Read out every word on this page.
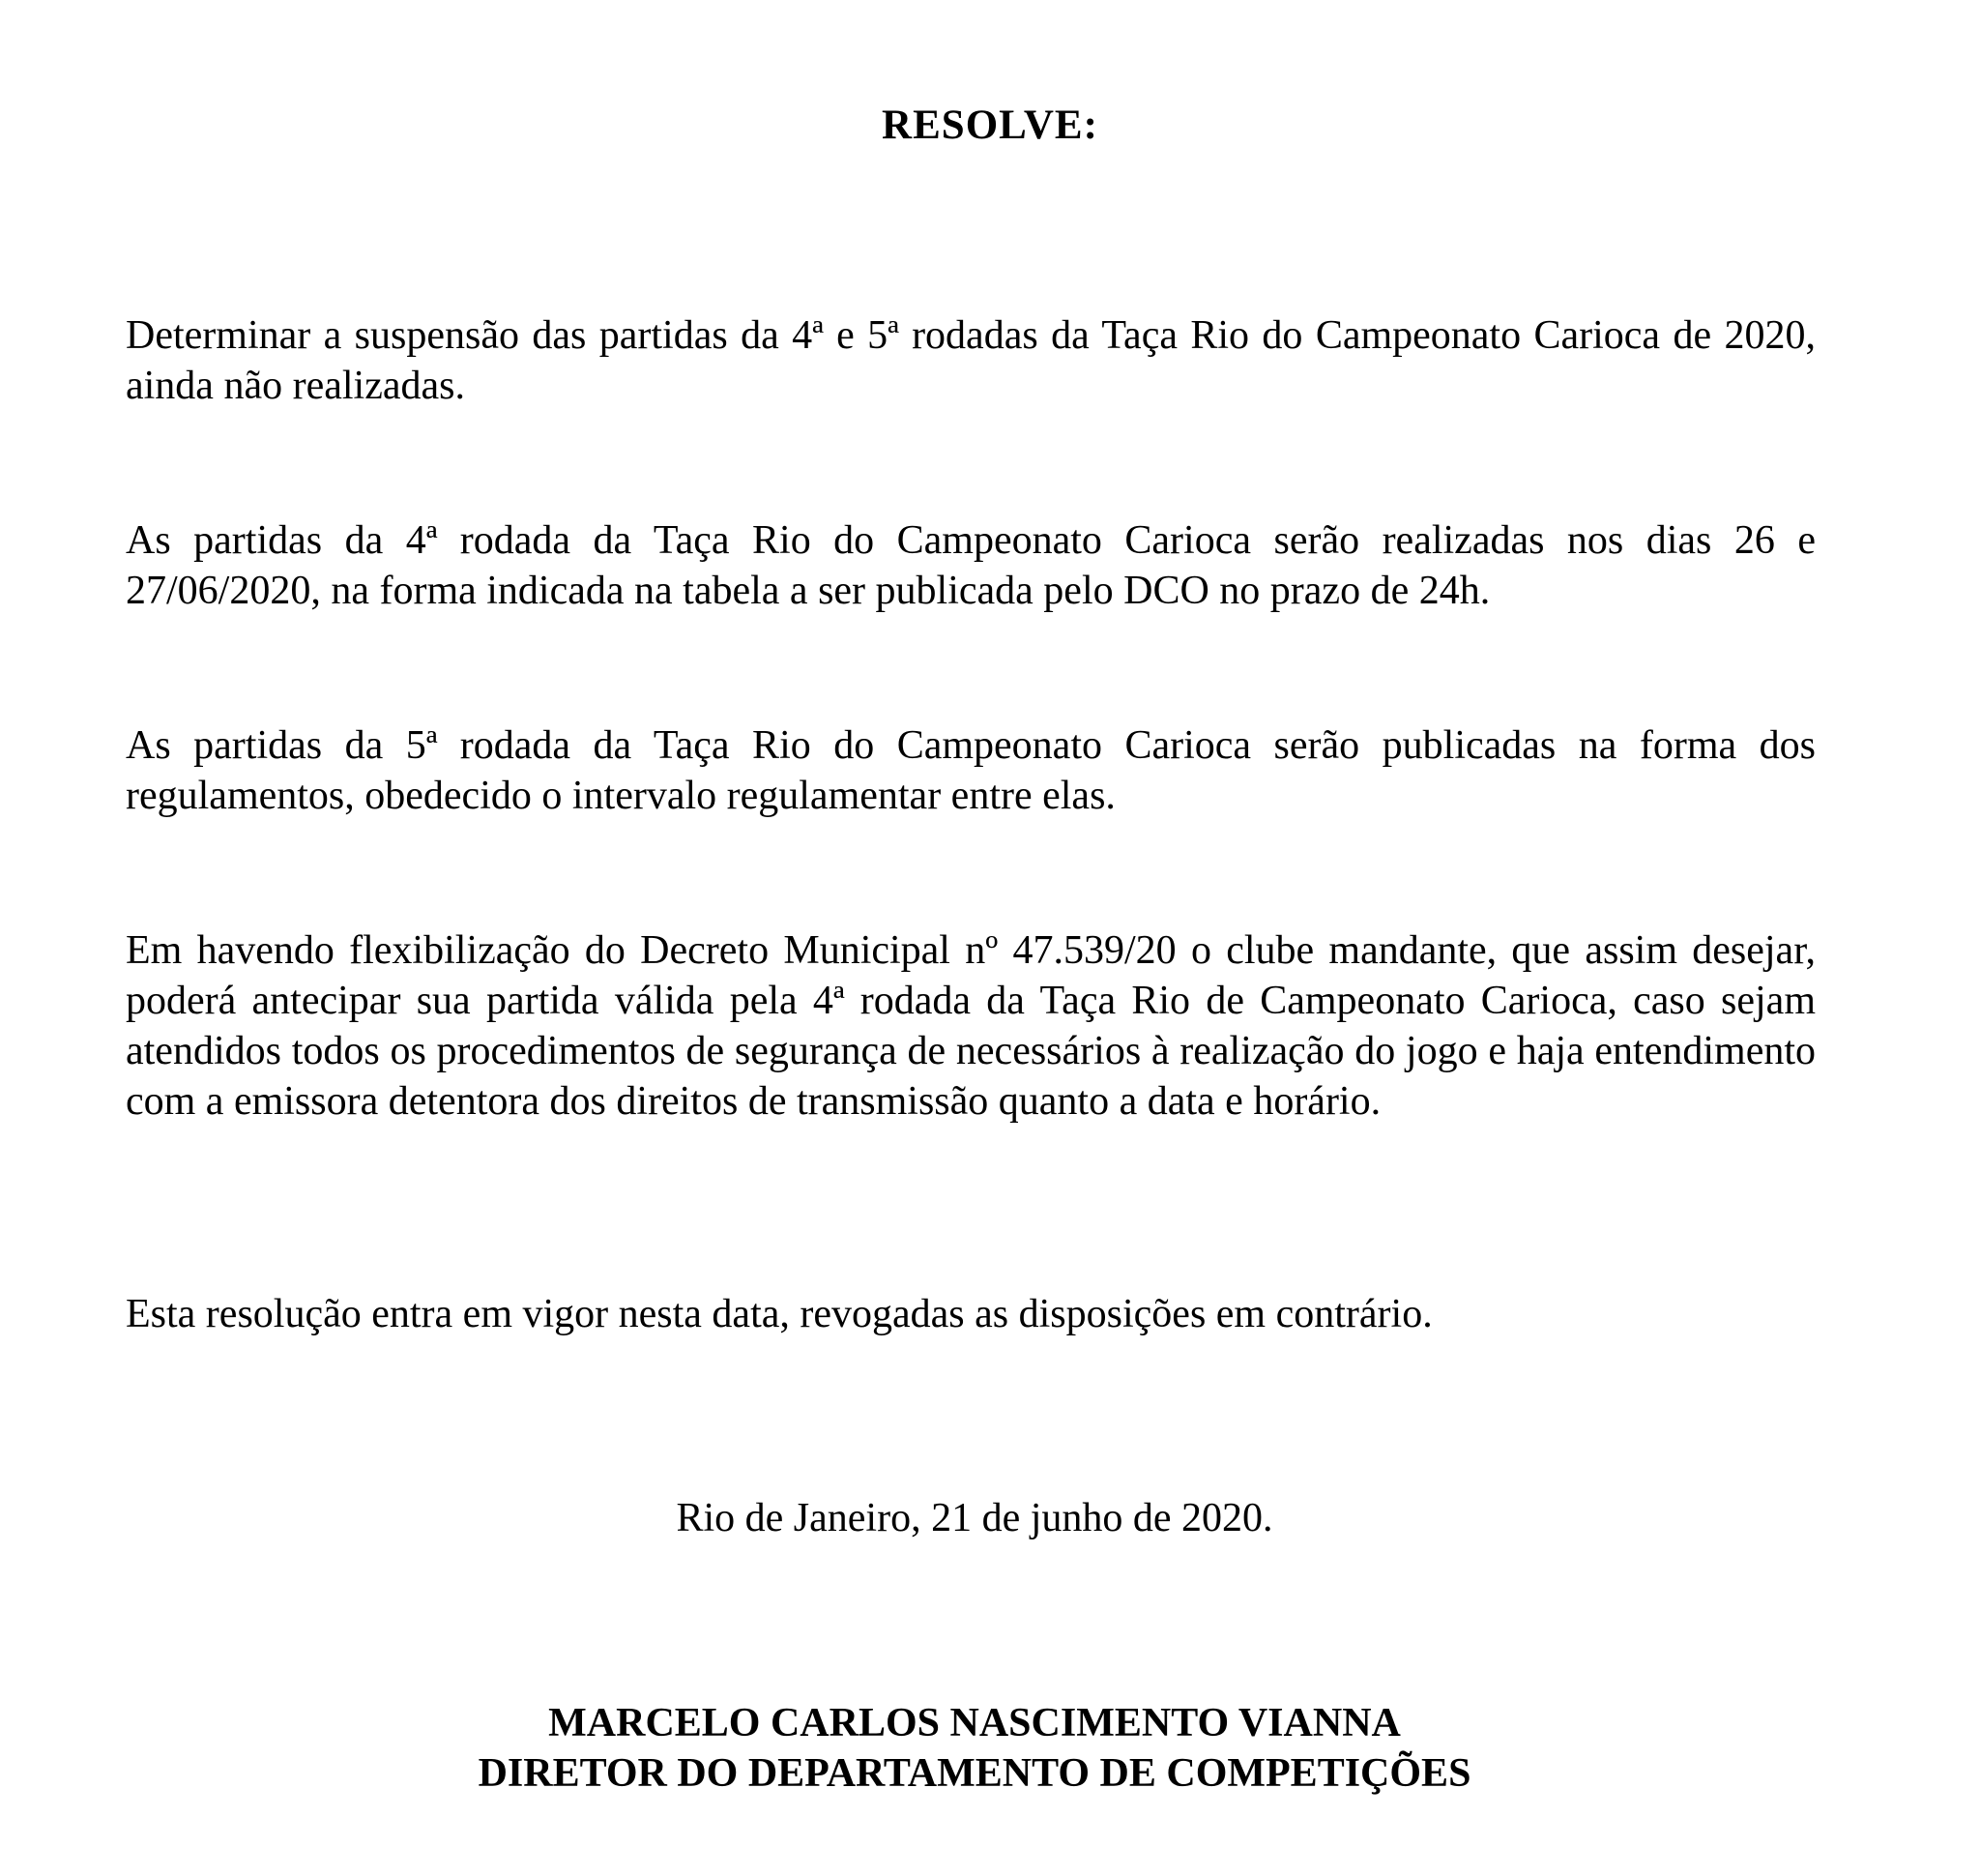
RESOLVE:
Determinar a suspensão das partidas da 4ª e 5ª rodadas da Taça Rio do Campeonato Carioca de 2020, ainda não realizadas.
As partidas da 4ª rodada da Taça Rio do Campeonato Carioca serão realizadas nos dias 26 e 27/06/2020, na forma indicada na tabela a ser publicada pelo DCO no prazo de 24h.
As partidas da 5ª rodada da Taça Rio do Campeonato Carioca serão publicadas na forma dos regulamentos, obedecido o intervalo regulamentar entre elas.
Em havendo flexibilização do Decreto Municipal nº 47.539/20 o clube mandante, que assim desejar, poderá antecipar sua partida válida pela 4ª rodada da Taça Rio de Campeonato Carioca, caso sejam atendidos todos os procedimentos de segurança de necessários à realização do jogo e haja entendimento com a emissora detentora dos direitos de transmissão quanto a data e horário.
Esta resolução entra em vigor nesta data, revogadas as disposições em contrário.
Rio de Janeiro, 21 de junho de 2020.
MARCELO CARLOS NASCIMENTO VIANNA
DIRETOR DO DEPARTAMENTO DE COMPETIÇÕES
